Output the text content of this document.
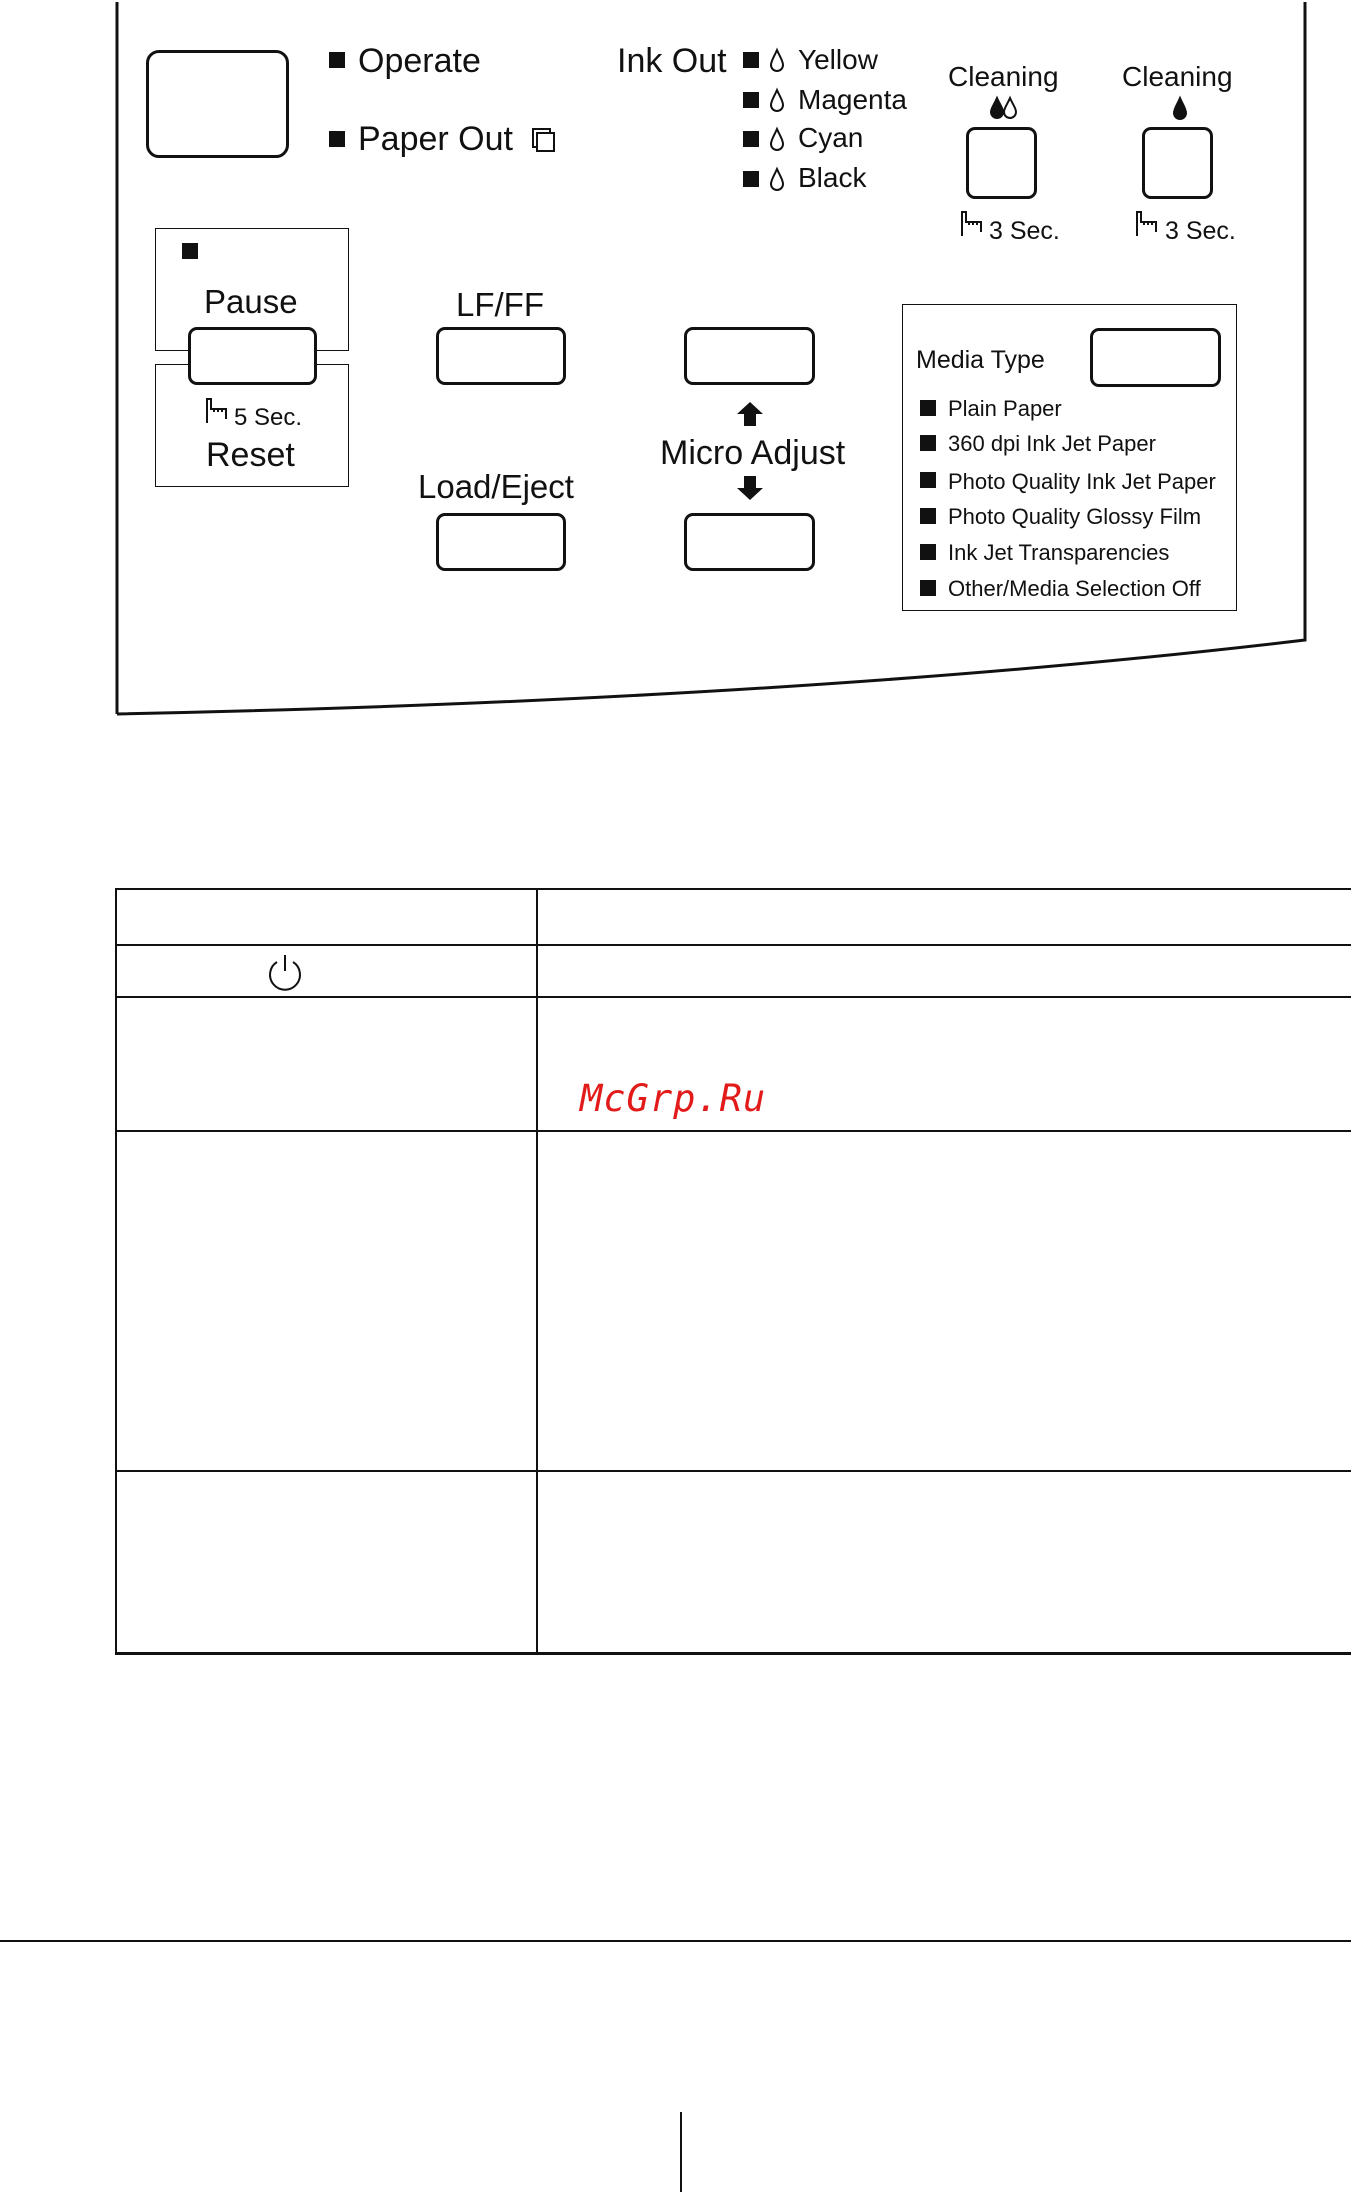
Operate
Paper Out
Ink Out	Yellow
Magenta
Cyan
Black
Cleaning
3 Sec.
Cleaning
3 Sec.
Pause
5 Sec.
Reset
LF/FF
Load/Eject
Micro Adjust
Media Type
Plain Paper
360 dpi Ink Jet Paper
Photo Quality Ink Jet Paper
Photo Quality Glossy Film
Ink Jet Transparencies
Other/Media Selection Off

McGrp.Ru
